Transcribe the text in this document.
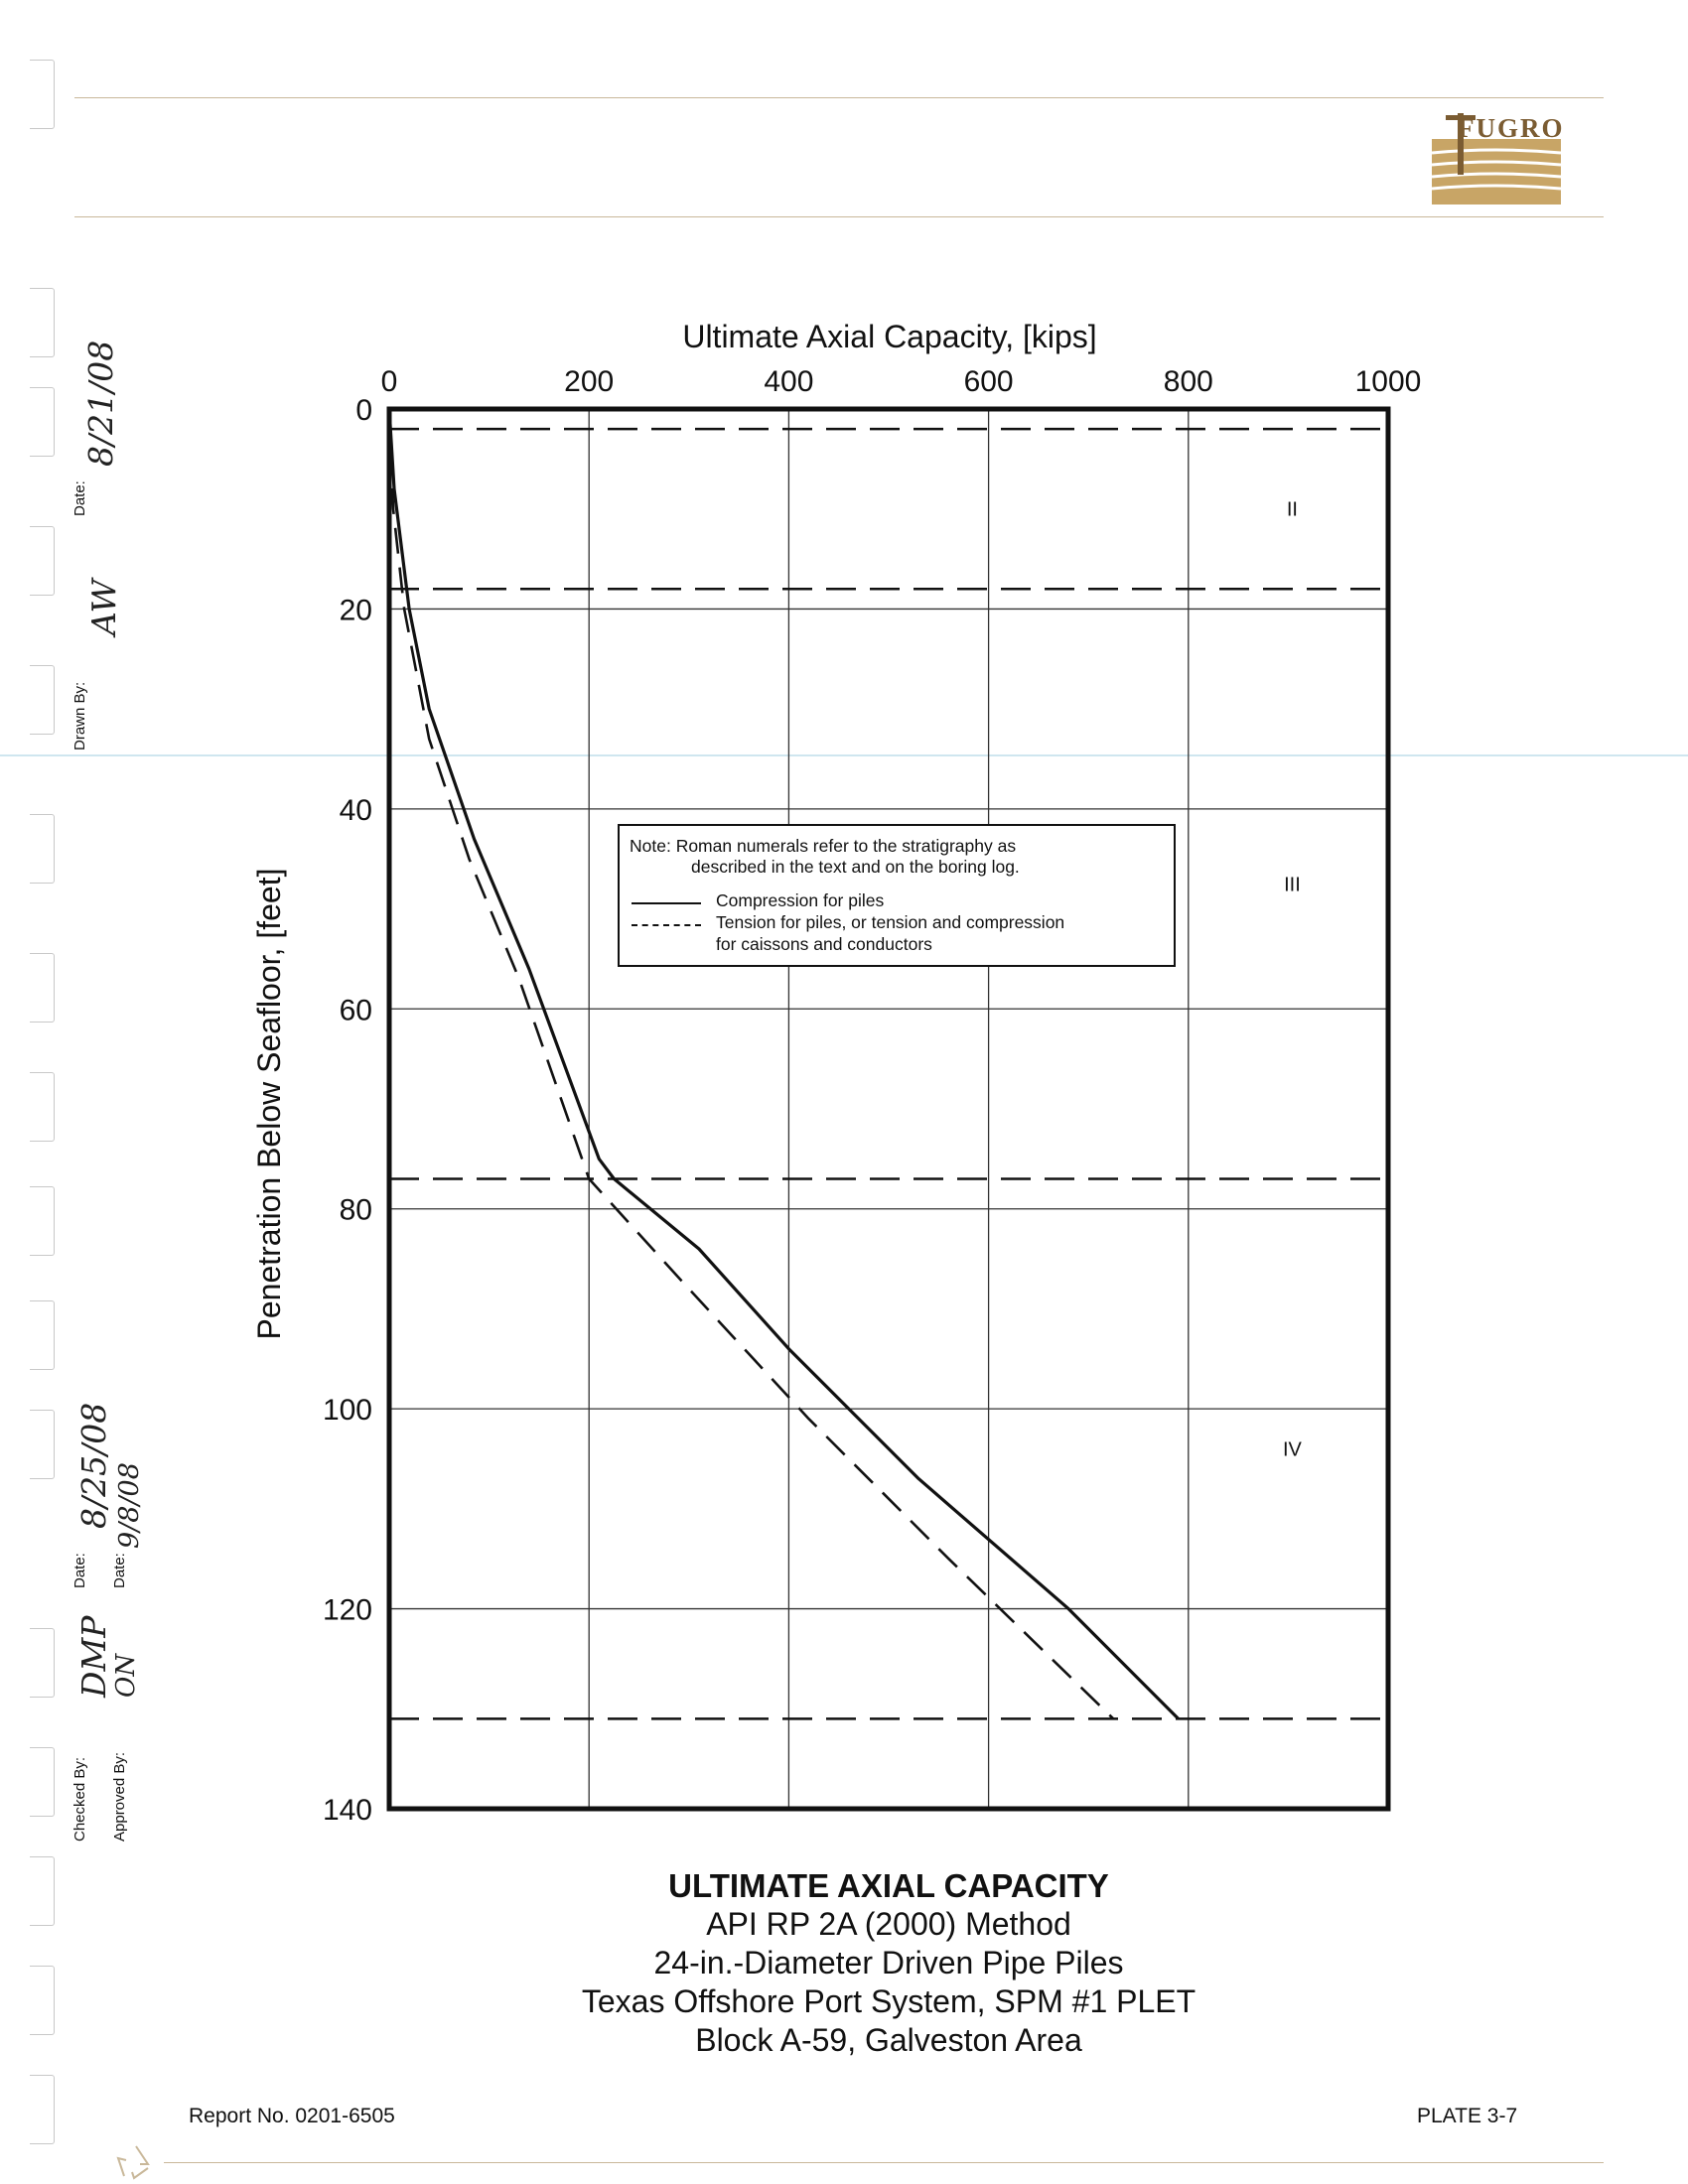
FUGRO
Drawn By:
AW
Date:
8/21/08
Checked By:
DMP
Date:
8/25/08
Approved By:
ON
Date:
9/8/08
0	200	400	600	800	1000
0
20
40
60
80
100
120
140
II
III
IV
Ultimate Axial Capacity, [kips]
Penetration Below Seafloor, [feet]
Note: Roman numerals refer to the stratigraphy as
described in the text and on the boring log.
Compression for piles
Tension for piles, or tension and compression
for caissons and conductors
ULTIMATE AXIAL CAPACITY
API RP 2A (2000) Method
24-in.-Diameter Driven Pipe Piles
Texas Offshore Port System, SPM #1 PLET
Block A-59, Galveston Area
Report No. 0201-6505	PLATE 3-7
